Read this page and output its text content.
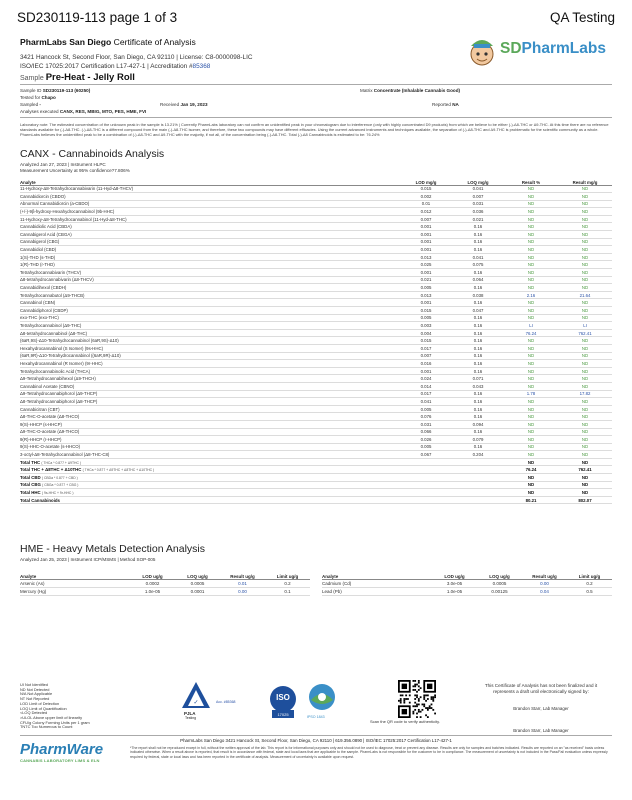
SD230119-113 page 1 of 3	QA Testing
PharmLabs San Diego Certificate of Analysis
3421 Hancock St, Second Floor, San Diego, CA 92110 | License: C8-0000098-LIC
ISO/IEC 17025:2017 Certification L17-427-1 | Accreditation #85368
SDPharmLabs
Sample Pre-Heat - Jelly Roll
Sample ID SD230119-113 (60250)	Matrix Concentrate (Inhalable Cannabis Good)
Tested for Chapo
Sampled -	Received Jan 19, 2023	Reported NA
Analyses executed CANX, RES, MBIG, MTO, PES, HME, FVI
Laboratory note: The estimated concentration of the unknown peak in the sample is 13.21% | Currently PharmLabs laboratory can not confirm an unidentified peak in your chromatogram due to interference (only with highly concentrated D9 products) from which we believe to be either (-)-Δ8-THC or Δ9-THC. At this time there are no reference standards available for (-)-Δ8-THC. (-)-Δ8-THC is a different compound from the main (-)-Δ8-THC isomer, and therefore, these two compounds may have different efficacies. Using the current advanced instruments and techniques available, the separation of (-)-Δ8-THC and Δ9-THC is problematic for the scientific community as a whole. PharmLabs believes the unidentified peak to be a combination of (-)-Δ8-THC and Δ9-THC with the majority, if not all, of the concentration being (-)-Δ8-THC. Total (-)-Δ8 Cannabinoids is estimated to be: 76.24%
CANX - Cannabinoids Analysis
Analyte	LOD mg/g	LOQ mg/g	Result %	Result mg/g
11-Hydroxy-Δ8-Tetrahydrocannabivarin (11-Hyd-Δ8-THCV)	0.015	0.041	ND	ND
Cannabidiorcin (CBDO)	0.002	0.007	ND	ND
Abnormal Cannabidiorcin (a-CBDO)	0.01	0.031	ND	ND
(+/-)-9β-hydroxy-Hexahydrocannabinol (9b-HHC)	0.012	0.036	ND	ND
11-Hydroxy-Δ8-Tetrahydrocannabinol (11-Hyd-Δ8-THC)	0.007	0.021	ND	ND
Cannabidiolic Acid (CBDA)	0.001	0.16	ND	ND
Cannabigerol Acid (CBGA)	0.001	0.16	ND	ND
Cannabigerol (CBG)	0.001	0.16	ND	ND
Cannabidiol (CBD)	0.001	0.16	ND	ND
1(S)-THD (s-THD)	0.013	0.041	ND	ND
1(R)-THD (r-THD)	0.025	0.075	ND	ND
Tetrahydrocannabivarin (THCV)	0.001	0.16	ND	ND
Δ8-tetrahydrocannabivarin (Δ8-THCV)	0.021	0.064	ND	ND
Cannabidihexol (CBDH)	0.005	0.16	ND	ND
Tetrahydrocannabutol (Δ9-THCB)	0.013	0.038	2.16	21.64
Cannabinol (CBN)	0.001	0.16	ND	ND
Cannabidiphorol (CBDP)	0.015	0.047	ND	ND
exo-THC (exo-THC)	0.005	0.16	ND	ND
Tetrahydrocannabinol (Δ9-THC)	0.003	0.16	LI	LI
Δ8-tetrahydrocannabinol (Δ8-THC)	0.004	0.16	76.24	762.41
(6aR,9S)-Δ10-Tetrahydrocannabinol (6aR,9S)-Δ10)	0.015	0.16	ND	ND
Hexahydrocannabinol (S Isomer) (9s-HHC)	0.017	0.16	ND	ND
(6aR,9R)-Δ10-Tetrahydrocannabinol ((6aR,9R)-Δ10)	0.007	0.16	ND	ND
Hexahydrocannabinol (R Isomer) (9r-HHC)	0.016	0.16	ND	ND
Tetrahydrocannabinolic Acid (THCA)	0.001	0.16	ND	ND
Δ9-Tetrahydrocannabihexol (Δ9-THCH)	0.024	0.071	ND	ND
Cannabinol Acetate (CBNO)	0.014	0.043	ND	ND
Δ9-Tetrahydrocannabiphorol (Δ9-THCP)	0.017	0.16	1.78	17.82
Δ8-Tetrahydrocannabiphorol (Δ8-THCP)	0.041	0.16	ND	ND
Cannabicitran (CBT)	0.005	0.16	ND	ND
Δ8-THC-O-acetate (Δ8-THCO)	0.076	0.16	ND	ND
9(S)-HHCP (s-HHCP)	0.031	0.094	ND	ND
Δ9-THC-O-acetate (Δ9-THCO)	0.066	0.16	ND	ND
9(R)-HHCP (r-HHCP)	0.026	0.079	ND	ND
9(S)-HHC-O-acetate (s-HHCO)	0.005	0.16	ND	ND
3-octyl-Δ8-Tetrahydrocannabinol (Δ8-THC-C8)	0.067	0.204	ND	ND
Total THC ( THCa * 0.877 + Δ9THC )			ND	ND
Total THC + Δ8THC + Δ10THC ( THCa * 0.877 + Δ9THC + Δ8THC + Δ10THC )			76.24	762.41
Total CBD ( CBDa * 0.877 + CBD )			ND	ND
Total CBG ( CBGa * 0.877 + CBG )			ND	ND
Total HHC ( 9s-HHC + 9r-HHC )			ND	ND
Total Cannabinoids			80.21	802.07
HME - Heavy Metals Detection Analysis
Analyzed Jan 25, 2023 | Instrument ICP/MSMS | Method SOP-005
Analyte	LOD ug/g	LOQ ug/g	Result ug/g	Limit ug/g
Arsenic (As)	0.0002	0.0005	0.01	0.2
Mercury (Hg)	1.0e-05	0.0001	0.00	0.1
Analyte	LOD ug/g	LOQ ug/g	Result ug/g	Limit ug/g
Cadmium (Cd)	3.0e-05	0.0005	0.00	0.2
Lead (Pb)	1.0e-05	0.00125	0.04	0.5
UI Not Identified
ND Not Detected
N/A Not Applicable
NT Not Reported
LOD Limit of Detection
LOQ Limit of Quantification
<LOQ Detected
>ULOL Above upper limit of linearity
CFU/g Colony Forming Units per 1 gram
TNTC Too Numerous to Count
✓
PJLA
Testing
Acc. #85368	ISO
17025	IPSO 1843
Scan the QR code to verify authenticity.
This Certificate of Analysis has not been finalized and it represents a draft until electronically signed by:
Brandon Starr, Lab Manager
Brandon Starr, Lab Manager
PharmLabs San Diego 3421 Hancock St, Second Floor, San Diego, CA 92110 | 619.356.0890 | ISO/IEC 17025:2017 Certification L17-427-1
*The report shall not be reproduced except in full, without the written approval of the lab. This report is for informational purposes only and should not be used to diagnose, treat or prevent any disease. Results are only for samples and batches indicated. Results are reported on an "as received" basis unless indicated otherwise. When a result above is reported, that result is in accordance with federal, state and local laws that are applicable to the sample. PharmLabs is not responsible for the customer to be in compliance. The measurement of uncertainty is not included in the Pass/Fail evaluation unless expressly required by federal, state or local laws and has been reported in the certificate of analysis. Measurement of uncertainty is available upon request.
PharmWare
CANNABIS LABORATORY LIMS & ELN
Analyzed Jan 27, 2023 | Instrument HLPC
Measurement Uncertainty at 95% confidence?7.806%
